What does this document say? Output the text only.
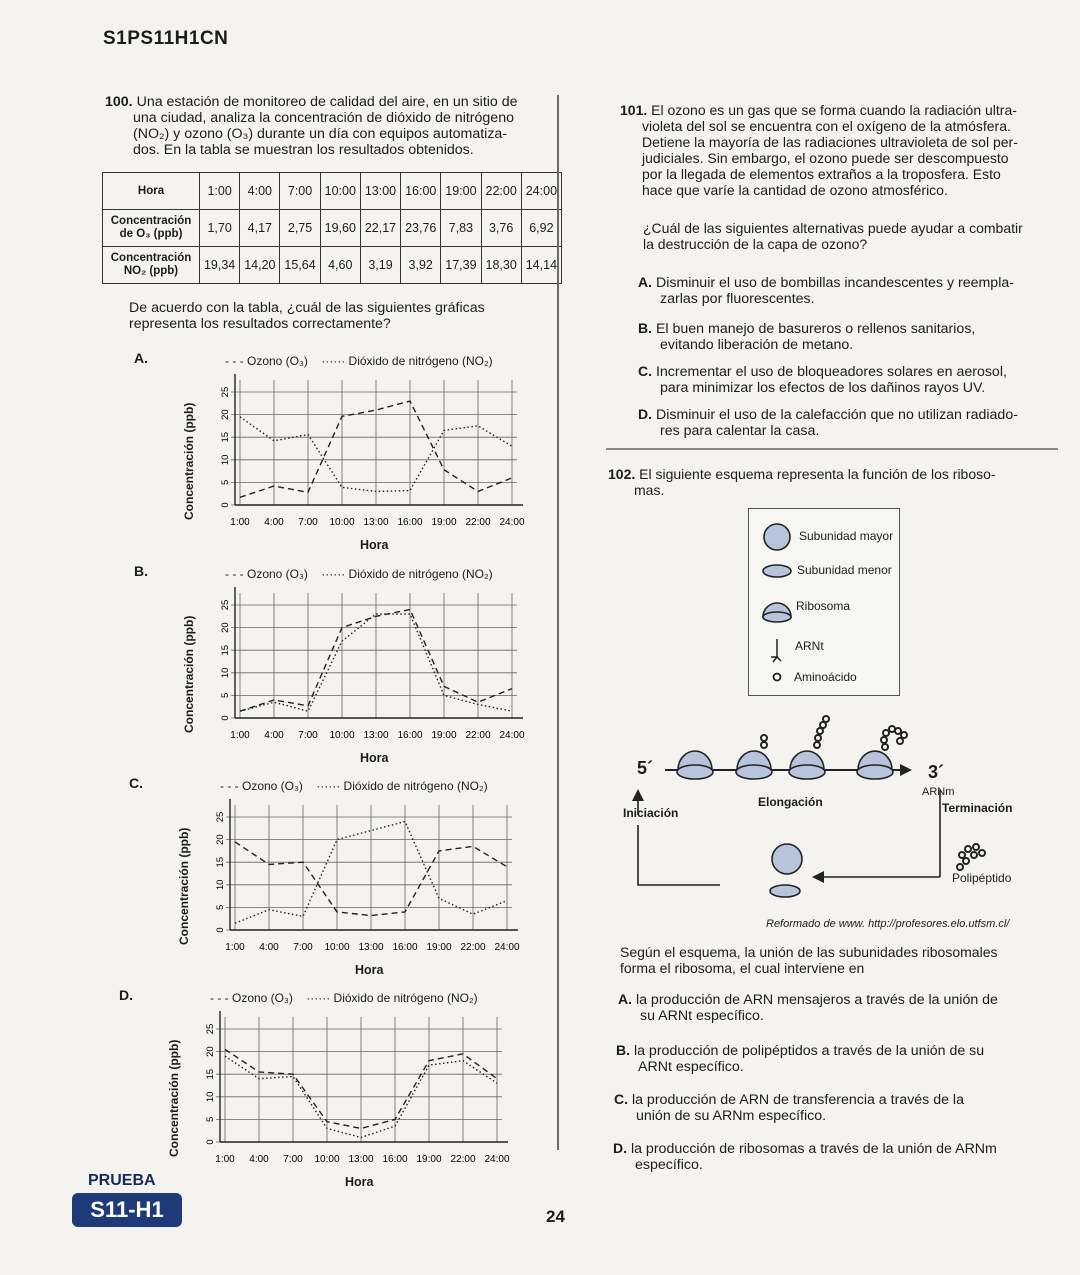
S1PS11H1CN
100. Una estación de monitoreo de calidad del aire, en un sitio de
una ciudad, analiza la concentración de dióxido de nitrógeno
(NO₂) y ozono (O₃) durante un día con equipos automatiza-
dos. En la tabla se muestran los resultados obtenidos.
Hora	1:00	4:00	7:00	10:00	13:00	16:00	19:00	22:00	24:00

Concentración
de O₃ (ppb)	1,70	4,17	2,75	19,60	22,17	23,76	7,83	3,76	6,92

Concentración
NO₂ (ppb)	19,34	14,20	15,64	4,60	3,19	3,92	17,39	18,30	14,14
De acuerdo con la tabla, ¿cuál de las siguientes gráficas
representa los resultados correctamente?
A.	- - - Ozono (O₃) ······ Dióxido de nitrógeno (NO₂)
Concentración (ppb)
1:00 4:00 7:00 10:00 13:00 16:00 19:00 22:00 24:00
0
5
10
15
20
25
Hora
B.	- - - Ozono (O₃) ······ Dióxido de nitrógeno (NO₂)
Concentración (ppb)
1:00 4:00 7:00 10:00 13:00 16:00 19:00 22:00 24:00
0
5
10
15
20
25
Hora
C.	- - - Ozono (O₃) ······ Dióxido de nitrógeno (NO₂)
Concentración (ppb)
1:00 4:00 7:00 10:00 13:00 16:00 19:00 22:00 24:00
0
5
10
15
20
25
Hora
D.	- - - Ozono (O₃) ······ Dióxido de nitrógeno (NO₂)
Concentración (ppb)
1:00 4:00 7:00 10:00 13:00 16:00 19:00 22:00 24:00
0
5
10
15
20
25
Hora
101. El ozono es un gas que se forma cuando la radiación ultra-
violeta del sol se encuentra con el oxígeno de la atmósfera.
Detiene la mayoría de las radiaciones ultravioleta de sol per-
judiciales. Sin embargo, el ozono puede ser descompuesto
por la llegada de elementos extraños a la troposfera. Esto
hace que varíe la cantidad de ozono atmosférico.
¿Cuál de las siguientes alternativas puede ayudar a combatir
la destrucción de la capa de ozono?
A. Disminuir el uso de bombillas incandescentes y reempla-
zarlas por fluorescentes.
B. El buen manejo de basureros o rellenos sanitarios,
evitando liberación de metano.
C. Incrementar el uso de bloqueadores solares en aerosol,
para minimizar los efectos de los dañinos rayos UV.
D. Disminuir el uso de la calefacción que no utilizan radiado-
res para calentar la casa.
102. El siguiente esquema representa la función de los riboso-
mas.
Subunidad mayor
Subunidad menor
Ribosoma
ARNt
Aminoácido
5´	3´
ARNm
Iniciación
Elongación	Terminación
Polipéptido
Reformado de www. http://profesores.elo.utfsm.cl/
Según el esquema, la unión de las subunidades ribosomales
forma el ribosoma, el cual interviene en
A. la producción de ARN mensajeros a través de la unión de
su ARNt específico.
B. la producción de polipéptidos a través de la unión de su
ARNt específico.
C. la producción de ARN de transferencia a través de la
unión de su ARNm específico.
D. la producción de ribosomas a través de la unión de ARNm
específico.
PRUEBA
S11-H1	24
